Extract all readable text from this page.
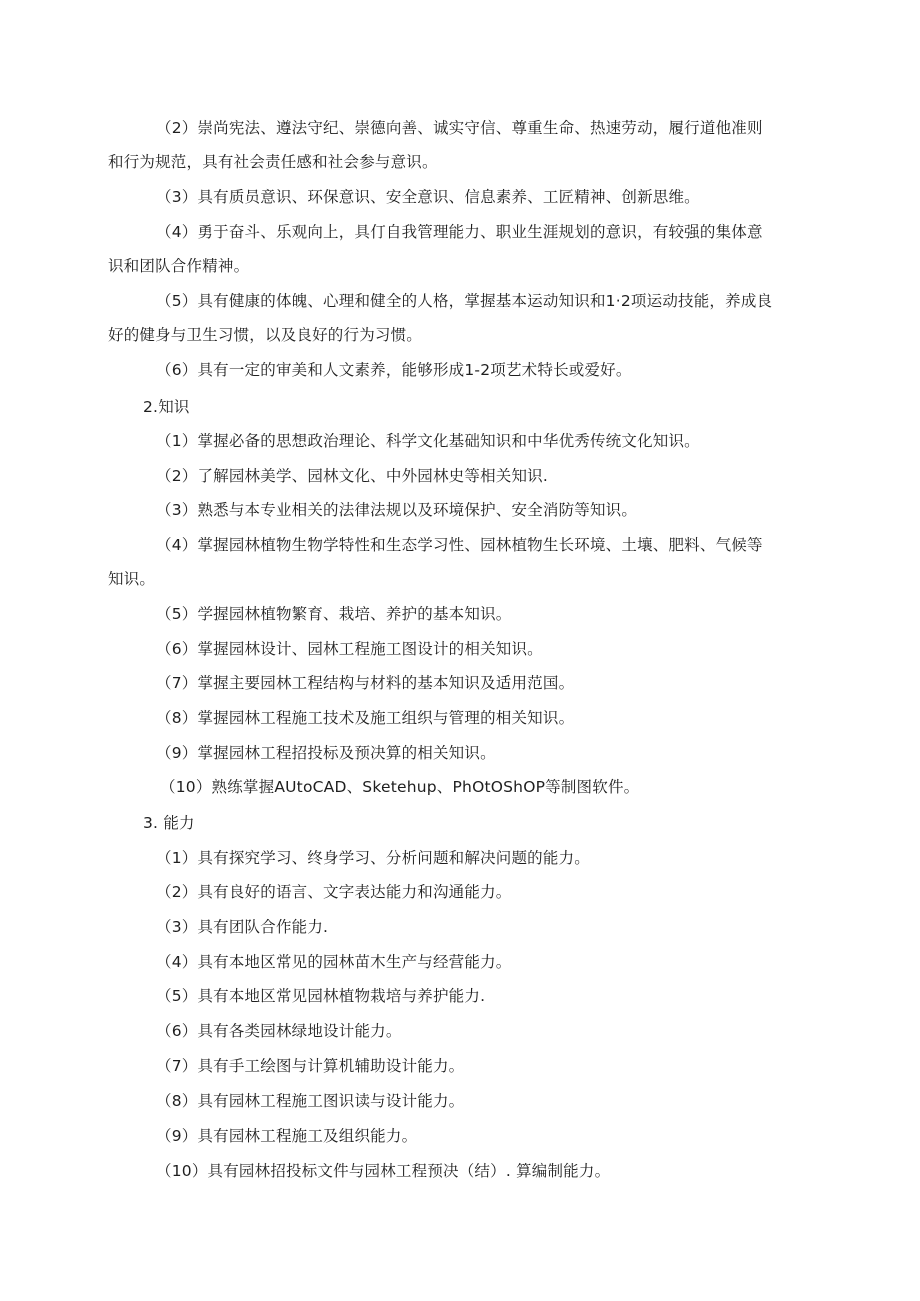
（2）崇尚宪法、遵法守纪、崇德向善、诚实守信、尊重生命、热速劳动，履行道他准则
和行为规范，具有社会责任感和社会参与意识。
（3）具有质员意识、环保意识、安全意识、信息素养、工匠精神、创新思维。
（4）勇于奋斗、乐观向上，具仃自我管理能力、职业生涯规划的意识，有较强的集体意
识和团队合作精神。
（5）具有健康的体魄、心理和健全的人格，掌握基本运动知识和1·2项运动技能，养成良
好的健身与卫生习惯，以及良好的行为习惯。
（6）具有一定的审美和人文素养，能够形成1-2项艺术特长或爱好。
2.知识
（1）掌握必备的思想政治理论、科学文化基础知识和中华优秀传统文化知识。
（2）了解园林美学、园林文化、中外园林史等相关知识.
（3）熟悉与本专业相关的法律法规以及环境保护、安全消防等知识。
（4）掌握园林植物生物学特性和生态学习性、园林植物生长环境、土壤、肥料、气候等
知识。
（5）学握园林植物繁育、栽培、养护的基本知识。
（6）掌握园林设计、园林工程施工图设计的相关知识。
（7）掌握主要园林工程结构与材料的基本知识及适用范国。
（8）掌握园林工程施工技术及施工组织与管理的相关知识。
（9）掌握园林工程招投标及预决算的相关知识。
（10）熟练掌握AUtoCAD、Sketehup、PhOtOShOP等制图软件。
3. 能力
（1）具有探究学习、终身学习、分析问题和解决问题的能力。
（2）具有良好的语言、文字表达能力和沟通能力。
（3）具有团队合作能力.
（4）具有本地区常见的园林苗木生产与经营能力。
（5）具有本地区常见园林植物栽培与养护能力.
（6）具有各类园林绿地设计能力。
（7）具有手工绘图与计算机辅助设计能力。
（8）具有园林工程施工图识读与设计能力。
（9）具有园林工程施工及组织能力。
（10）具有园林招投标文件与园林工程预决（结）. 算编制能力。
